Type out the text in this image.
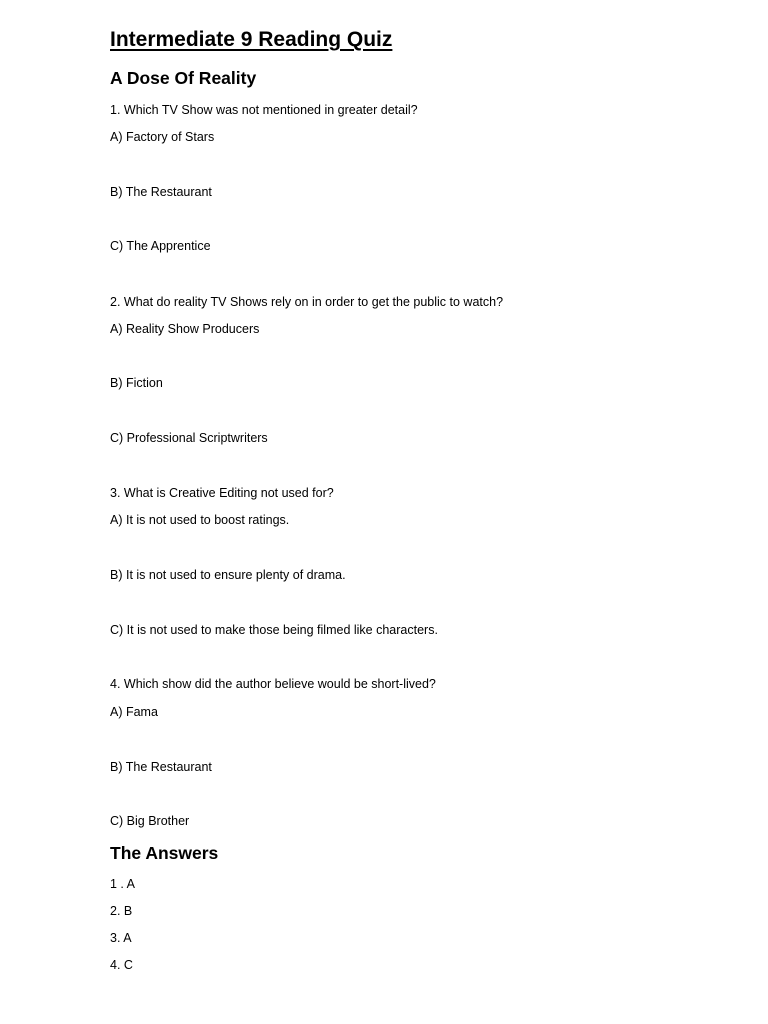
Intermediate 9 Reading Quiz
A Dose Of Reality
1. Which TV Show was not mentioned in greater detail?
A) Factory of Stars
B) The Restaurant
C) The Apprentice
2. What do reality TV Shows rely on in order to get the public to watch?
A) Reality Show Producers
B) Fiction
C) Professional Scriptwriters
3. What is Creative Editing not used for?
A) It is not used to boost ratings.
B) It is not used to ensure plenty of drama.
C) It is not used to make those being filmed like characters.
4. Which show did the author believe would be short-lived?
A) Fama
B) The Restaurant
C) Big Brother
The Answers
1 . A
2. B
3. A
4. C
